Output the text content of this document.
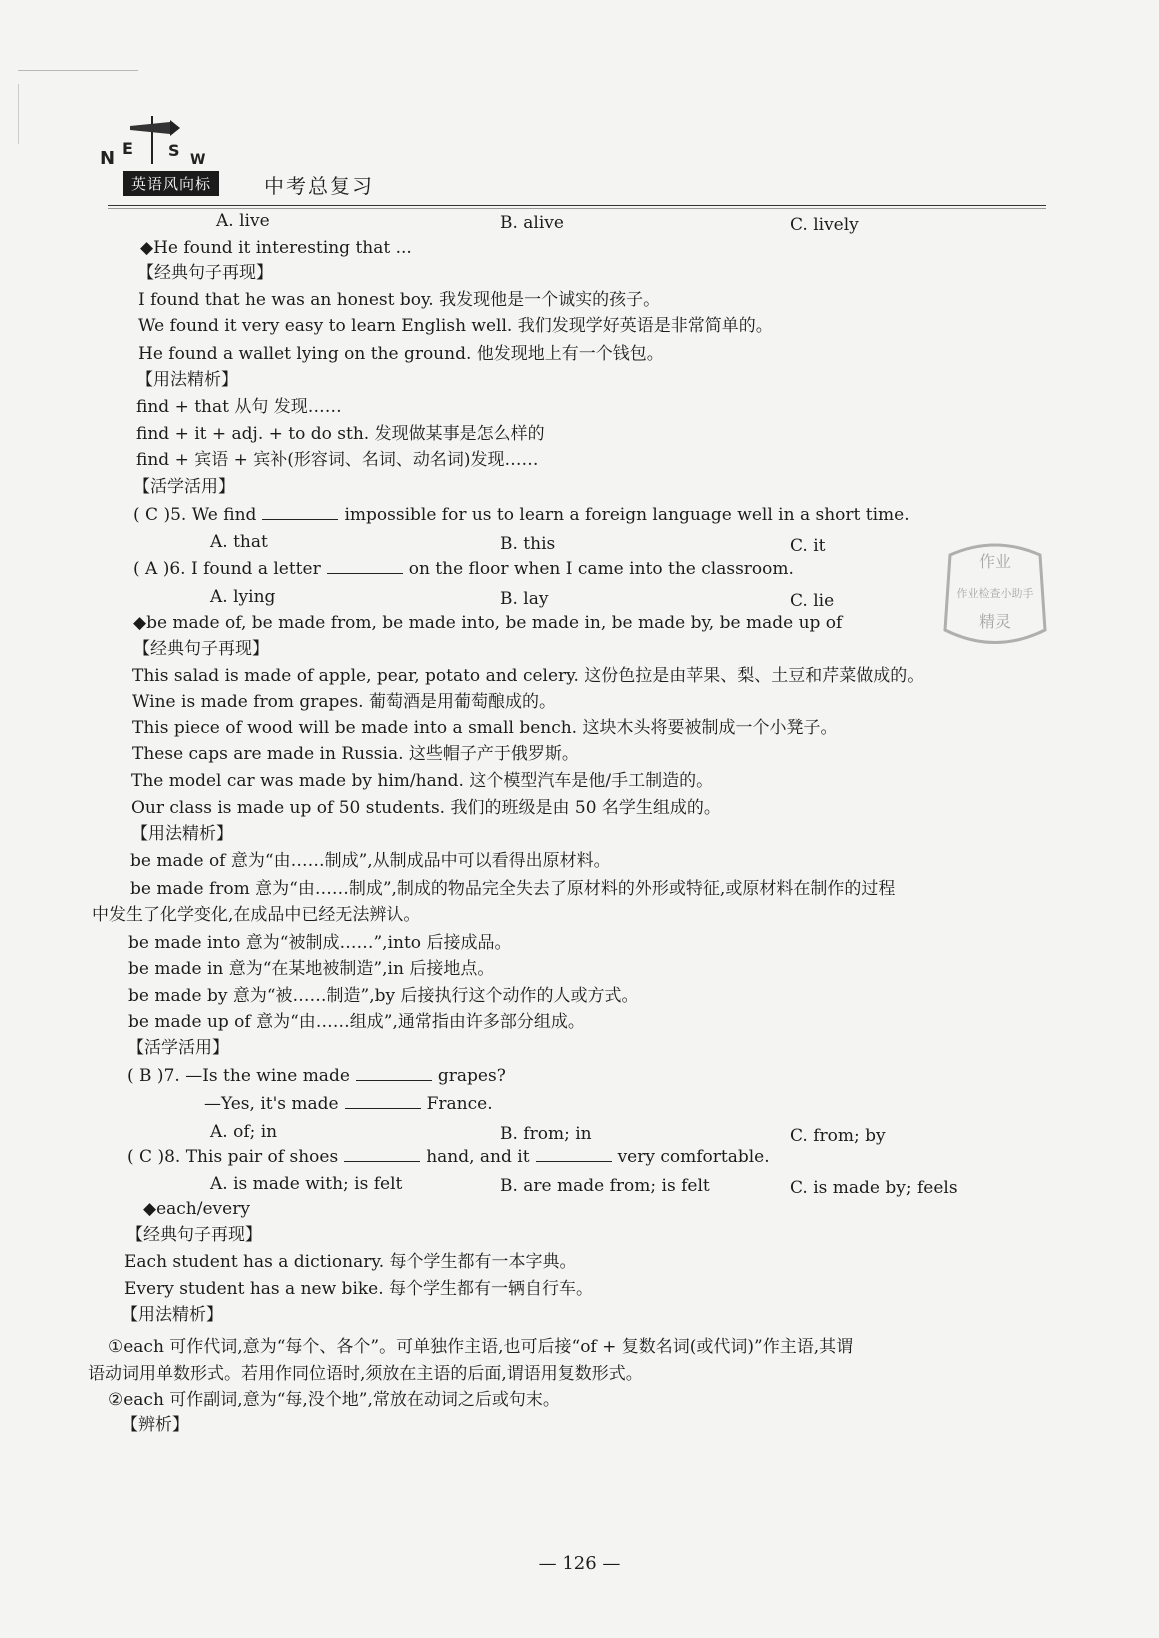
N E S W
英语风向标	中考总复习
A. live	B. alive	C. lively
◆He found it interesting that ...
【经典句子再现】
I found that he was an honest boy. 我发现他是一个诚实的孩子。
We found it very easy to learn English well. 我们发现学好英语是非常简单的。
He found a wallet lying on the ground. 他发现地上有一个钱包。
【用法精析】
find + that 从句 发现……
find + it + adj. + to do sth. 发现做某事是怎么样的
find + 宾语 + 宾补(形容词、名词、动名词)发现……
【活学活用】
( C )5. We find	impossible for us to learn a foreign language well in a short time.
A. that	B. this	C. it
( A )6. I found a letter	on the floor when I came into the classroom.
A. lying	B. lay	C. lie
◆be made of, be made from, be made into, be made in, be made by, be made up of
【经典句子再现】
This salad is made of apple, pear, potato and celery. 这份色拉是由苹果、梨、土豆和芹菜做成的。
Wine is made from grapes. 葡萄酒是用葡萄酿成的。
This piece of wood will be made into a small bench. 这块木头将要被制成一个小凳子。
These caps are made in Russia. 这些帽子产于俄罗斯。
The model car was made by him/hand. 这个模型汽车是他/手工制造的。
Our class is made up of 50 students. 我们的班级是由 50 名学生组成的。
【用法精析】
be made of 意为“由……制成”,从制成品中可以看得出原材料。
be made from 意为“由……制成”,制成的物品完全失去了原材料的外形或特征,或原材料在制作的过程
中发生了化学变化,在成品中已经无法辨认。
be made into 意为“被制成……”,into 后接成品。
be made in 意为“在某地被制造”,in 后接地点。
be made by 意为“被……制造”,by 后接执行这个动作的人或方式。
be made up of 意为“由……组成”,通常指由许多部分组成。
【活学活用】
( B )7. —Is the wine made	grapes?
—Yes, it's made	France.
A. of; in	B. from; in	C. from; by
( C )8. This pair of shoes	hand, and it	very comfortable.
A. is made with; is felt	B. are made from; is felt	C. is made by; feels
◆each/every
【经典句子再现】
Each student has a dictionary. 每个学生都有一本字典。
Every student has a new bike. 每个学生都有一辆自行车。
【用法精析】
①each 可作代词,意为“每个、各个”。可单独作主语,也可后接“of + 复数名词(或代词)”作主语,其谓
语动词用单数形式。若用作同位语时,须放在主语的后面,谓语用复数形式。
②each 可作副词,意为“每,没个地”,常放在动词之后或句末。
【辨析】
作业
作业检查小助手
精灵
— 126 —
